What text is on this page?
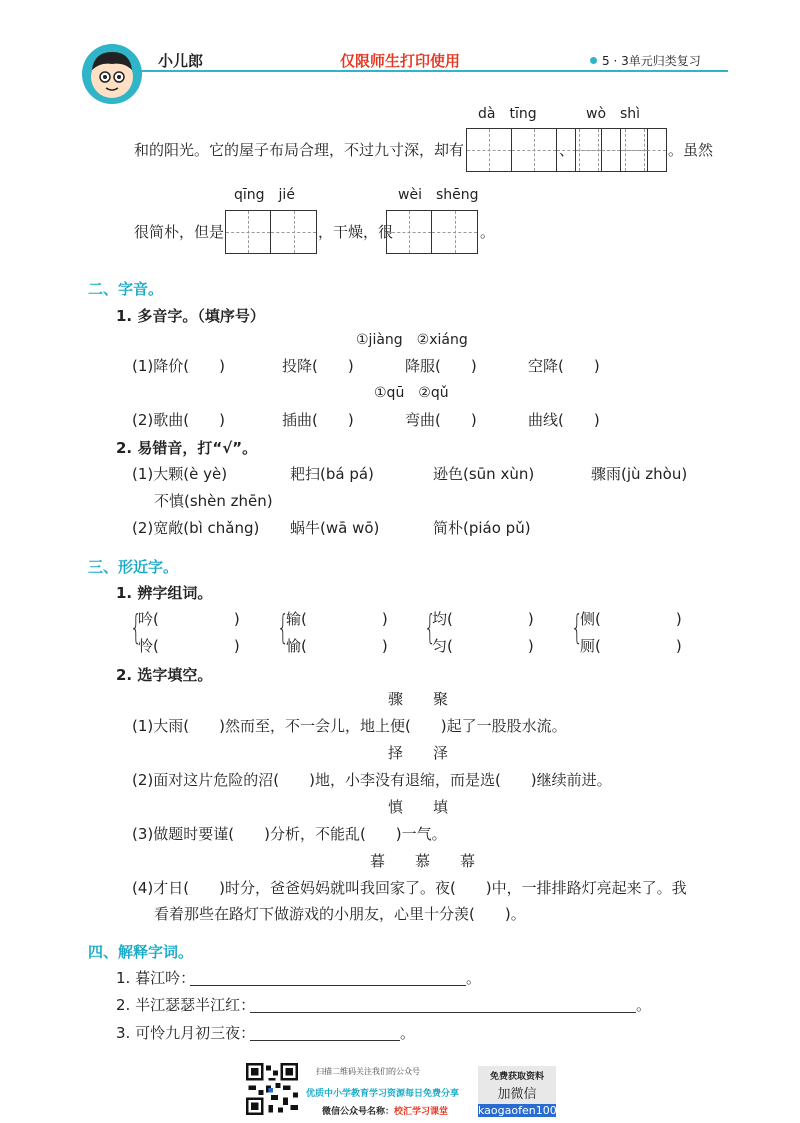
小儿郎	仅限师生打印使用	5 · 3单元归类复习
dà　tīng	wò　shì
和的阳光。它的屋子布局合理，不过九寸深，却有	、	。虽然
qīng　jié	wèi　shēng
很简朴，但是	，干燥，很	。
二、字音。
1. 多音字。（填序号）
①jiàng　②xiáng
(1)降价(　　)	投降(　　)	降服(　　)	空降(　　)
①qū　②qǔ
(2)歌曲(　　)	插曲(　　)	弯曲(　　)	曲线(　　)
2. 易错音，打“√”。
(1)大颗(è yè)	耙扫(bá pá)	逊色(sūn xùn)	骤雨(jù zhòu)
不慎(shèn zhēn)
(2)宽敞(bì chǎng) 蜗牛(wā wō)	简朴(piáo pǔ)
三、形近字。
1. 辨字组词。
{
吟(　　　　　)
怜(　　　　　) {
输(　　　　　)
愉(　　　　　) {
均(　　　　　)
匀(　　　　　) {
侧(　　　　　)
厕(　　　　　)
2. 选字填空。
骤　　聚
(1)大雨(　　)然而至，不一会儿，地上便(　　)起了一股股水流。
择　　泽
(2)面对这片危险的沼(　　)地，小李没有退缩，而是选(　　)继续前进。
慎　　填
(3)做题时要谨(　　)分析，不能乱(　　)一气。
暮　　慕　　幕
(4)才日(　　)时分，爸爸妈妈就叫我回家了。夜(　　)中，一排排路灯亮起来了。我
看着那些在路灯下做游戏的小朋友，心里十分羡(　　)。
四、解释字词。
1. 暮江吟：	。
2. 半江瑟瑟半江红：	。
3. 可怜九月初三夜：	。
扫描二维码关注我们的公众号
优质中小学教育学习资源每日免费分享
微信公众号名称：校汇学习课堂
免费获取资料
加微信
kaogaofen100
